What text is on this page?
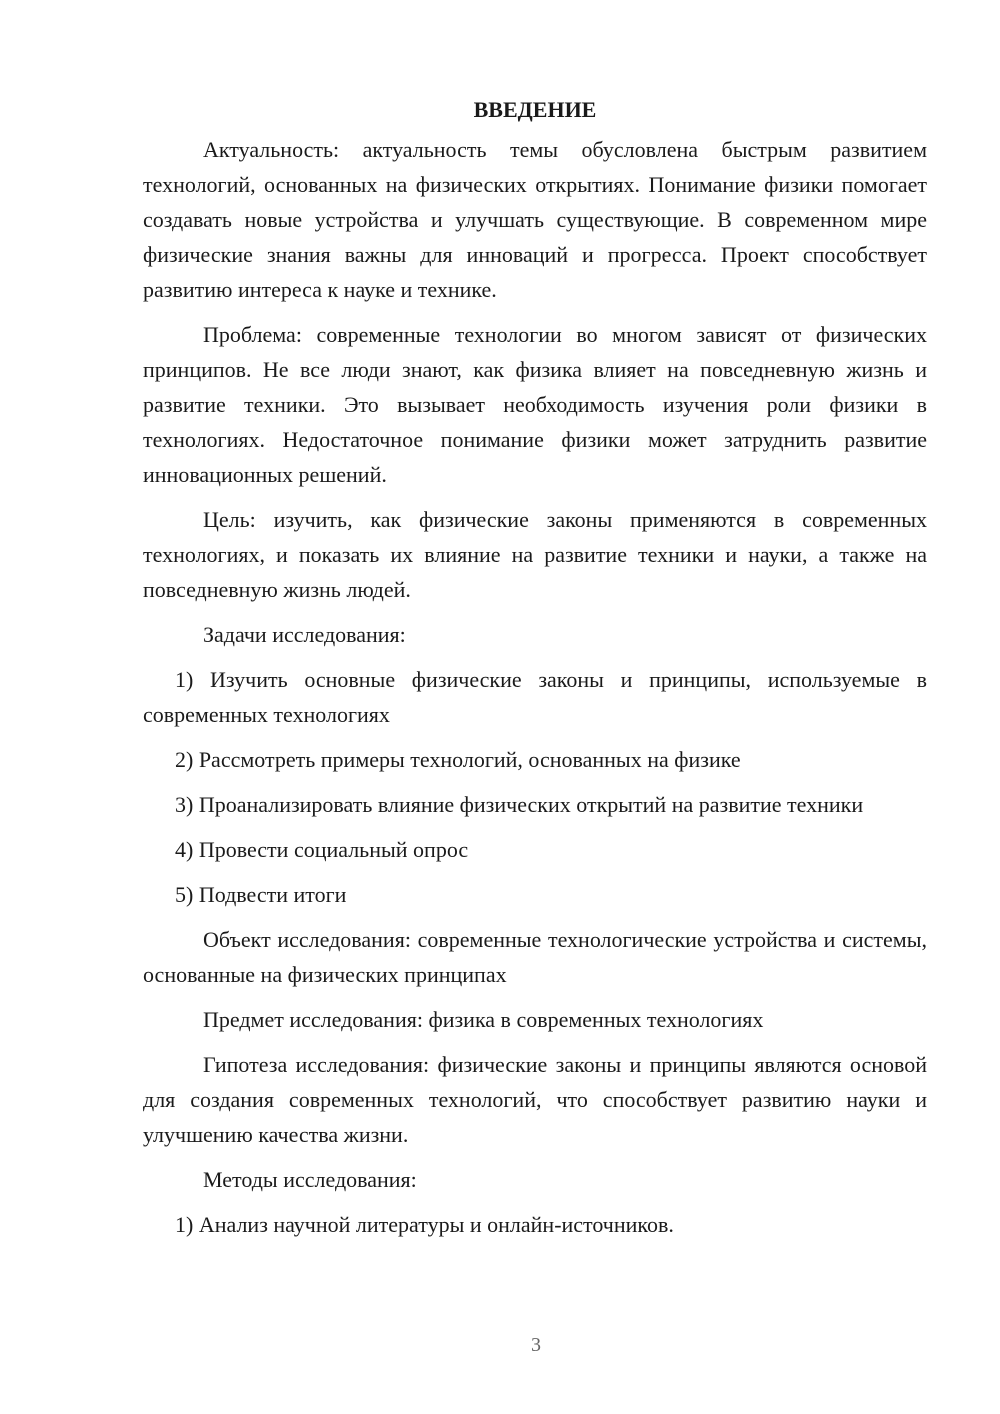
ВВЕДЕНИЕ

Актуальность: актуальность темы обусловлена быстрым развитием технологий, основанных на физических открытиях. Понимание физики помогает создавать новые устройства и улучшать существующие. В современном мире физические знания важны для инноваций и прогресса. Проект способствует развитию интереса к науке и технике.

Проблема: современные технологии во многом зависят от физических принципов. Не все люди знают, как физика влияет на повседневную жизнь и развитие техники. Это вызывает необходимость изучения роли физики в технологиях. Недостаточное понимание физики может затруднить развитие инновационных решений.

Цель: изучить, как физические законы применяются в современных технологиях, и показать их влияние на развитие техники и науки, а также на повседневную жизнь людей.

Задачи исследования:

1) Изучить основные физические законы и принципы, используемые в современных технологиях

2) Рассмотреть примеры технологий, основанных на физике

3) Проанализировать влияние физических открытий на развитие техники

4) Провести социальный опрос

5) Подвести итоги

Объект исследования: современные технологические устройства и системы, основанные на физических принципах

Предмет исследования: физика в современных технологиях

Гипотеза исследования: физические законы и принципы являются основой для создания современных технологий, что способствует развитию науки и улучшению качества жизни.

Методы исследования:

1) Анализ научной литературы и онлайн-источников.

3
